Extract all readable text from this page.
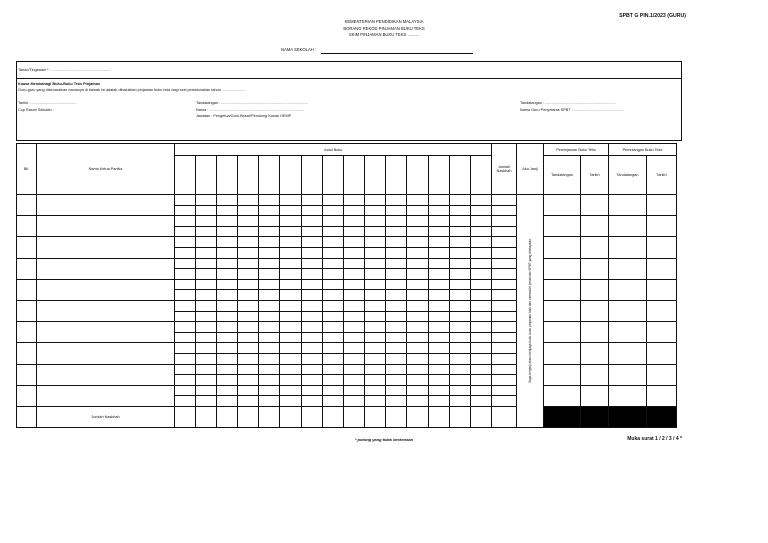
SPBT G PIN.1/2023 (GURU)
KEMENTERIAN PENDIDIKAN MALAYSIA
BORANG REKOD PINJAMAN BUKU TEKS
SKIM PINJAMAN BUKU TEKS ..........
NAMA SEKOLAH :
Tahun/Tingkatan * : ........................................................
Kuasa Membahagi Buku-Buku Teks Pinjaman
Guru-guru yang disenaraikan namanya di bawah ini adalah dibalukkan pinjaman buku teks bagi sesi persekolahan tahun ......................
Tarikh : ...........................................
Cop Rasmi Sekolah :
Tandatangan : ..................................................................................
Nama : ..........................................................................................
Jawatan : Pengetua/Guru Besar/Penolong Kanan HEMP
Tandatangan : ..................................................................
Nama Guru Penyelaras SPBT : ................................................
Bil.	Nama Ketua Panitia	Judul Buku															Jumlah Naskhah	Aku Janji	Peminjaman Buku Teks		Pemulangan Buku Teks	
																			Tandatangan	Tarikh	Tandatangan	Tarikh

																		Saya berjanji akan menjaga buku-buku pinjaman baik dan mematuhi peraturan SPBT yang ditetapkan				

	Jumlah Naskhah																					
* potong yang tidak berkenaan	Muka surat 1 / 2 / 3 / 4 *
